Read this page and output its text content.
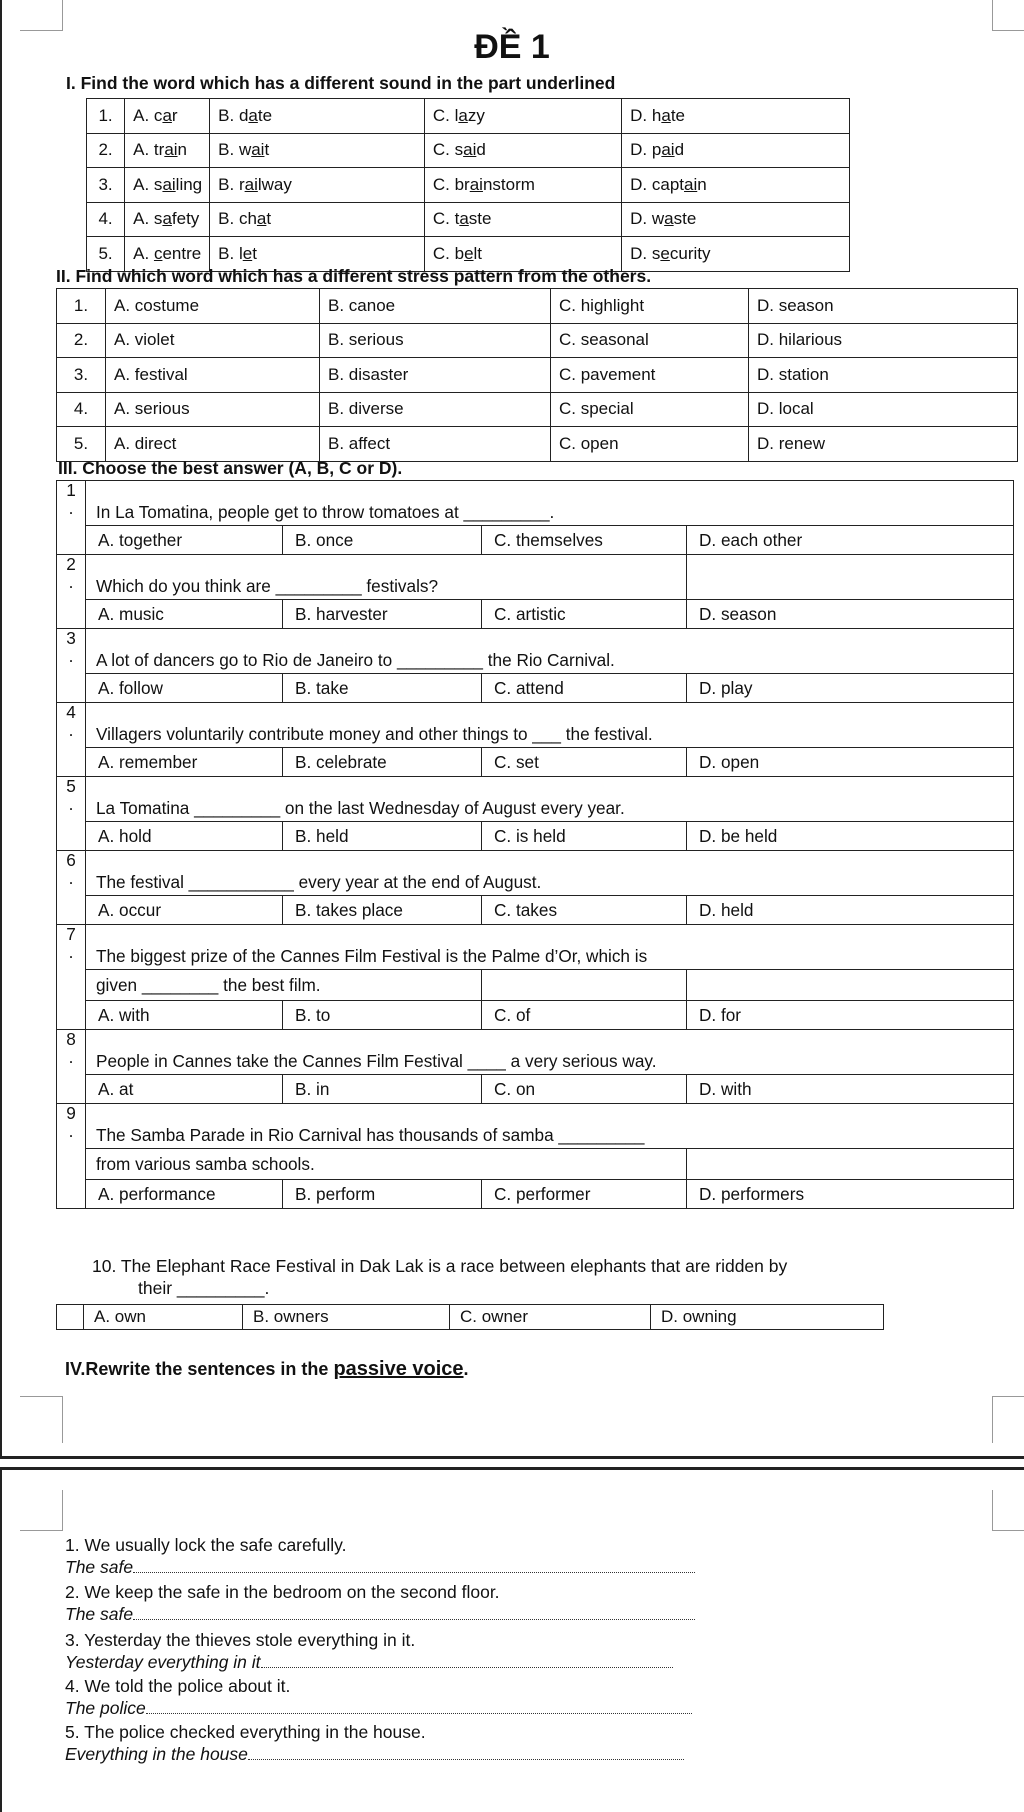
ĐỀ 1
I. Find the word which has a different sound in the part underlined
1.	A. car	B. date	C. lazy	D. hate
2.	A. train	B. wait	C. said	D. paid
3.	A. sailing	B. railway	C. brainstorm	D. captain
4.	A. safety	B. chat	C. taste	D. waste
5.	A. centre	B. let	C. belt	D. security
II. Find which word which has a different stress pattern from the others.
1.	A. costume	B. canoe	C. highlight	D. season
2.	A. violet	B. serious	C. seasonal	D. hilarious
3.	A. festival	B. disaster	C. pavement	D. station
4.	A. serious	B. diverse	C. special	D. local
5.	A. direct	B. affect	C. open	D. renew
III. Choose the best answer (A, B, C or D).
1
.	In La Tomatina, people get to throw tomatoes at _________.			
	A. together	B. once	C. themselves	D. each other

2
.	Which do you think are _________ festivals?			
	A. music	B. harvester	C. artistic	D. season

3
.	A lot of dancers go to Rio de Janeiro to _________ the Rio Carnival.			
	A. follow	B. take	C. attend	D. play

4
.	Villagers voluntarily contribute money and other things to ___ the festival.			
	A. remember	B. celebrate	C. set	D. open

5
.	La Tomatina _________ on the last Wednesday of August every year.			
	A. hold	B. held	C. is held	D. be held

6
.	The festival ___________ every year at the end of August.			
	A. occur	B. takes place	C. takes	D. held

7
.	The biggest prize of the Cannes Film Festival is the Palme d’Or, which is			
	given ________ the best film.			
	A. with	B. to	C. of	D. for

8
.	People in Cannes take the Cannes Film Festival ____ a very serious way.			
	A. at	B. in	C. on	D. with

9
.	The Samba Parade in Rio Carnival has thousands of samba _________			
	from various samba schools.			
	A. performance	B. perform	C. performer	D. performers
10. The Elephant Race Festival in Dak Lak is a race between elephants that are ridden by
their _________.
	A. own	B. owners	C. owner	D. owning
IV.Rewrite the sentences in the passive voice.
1. We usually lock the safe carefully.
The safe
2. We keep the safe in the bedroom on the second floor.
The safe
3. Yesterday the thieves stole everything in it.
Yesterday everything in it
4. We told the police about it.
The police
5. The police checked everything in the house.
Everything in the house
